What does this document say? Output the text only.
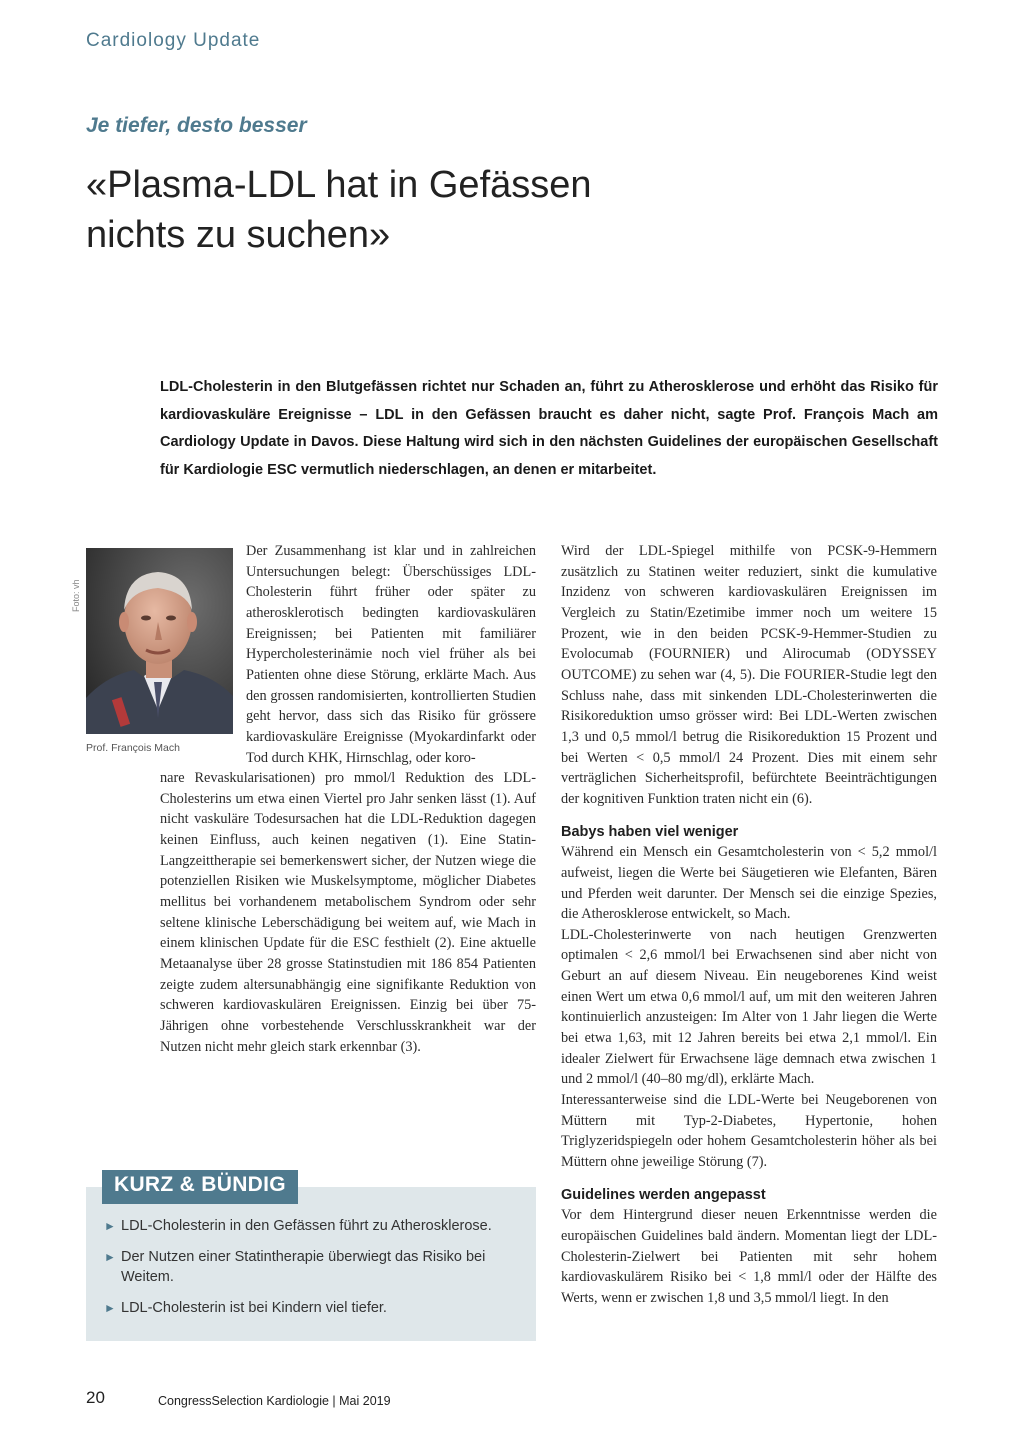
Cardiology Update
Je tiefer, desto besser
«Plasma-LDL hat in Gefässen
nichts zu suchen»

LDL-Cholesterin in den Blutgefässen richtet nur Schaden an, führt zu Atherosklerose und erhöht das Risiko für kardiovaskuläre Ereignisse – LDL in den Gefässen braucht es daher nicht, sagte Prof. François Mach am Cardiology Update in Davos. Diese Haltung wird sich in den nächsten Guidelines der europäischen Gesellschaft für Kardiologie ESC vermutlich niederschlagen, an denen er mitarbeitet.

Foto: vh
Prof. François Mach

Der Zusammenhang ist klar und in zahlreichen Untersuchungen belegt: Überschüssiges LDL-Cholesterin führt früher oder später zu atherosklerotisch bedingten kardiovaskulären Ereignissen; bei Patienten mit familiärer Hypercholesterinämie noch viel früher als bei Patienten ohne diese Störung, erklärte Mach. Aus den grossen randomisierten, kontrollierten Studien geht hervor, dass sich das Risiko für grössere kardiovaskuläre Ereignisse (Myokardinfarkt oder Tod durch KHK, Hirnschlag, oder koro-

nare Revaskularisationen) pro mmol/l Reduktion des LDL-Cholesterins um etwa einen Viertel pro Jahr senken lässt (1). Auf nicht vaskuläre Todesursachen hat die LDL-Reduktion dagegen keinen Einfluss, auch keinen negativen (1). Eine Statin-Langzeittherapie sei bemerkenswert sicher, der Nutzen wiege die potenziellen Risiken wie Muskelsymptome, möglicher Diabetes mellitus bei vorhandenem metabolischem Syndrom oder sehr seltene klinische Leberschädigung bei weitem auf, wie Mach in einem klinischen Update für die ESC festhielt (2). Eine aktuelle Metaanalyse über 28 grosse Statinstudien mit 186 854 Patienten zeigte zudem altersunabhängig eine signifikante Reduktion von schweren kardiovaskulären Ereignissen. Einzig bei über 75-Jährigen ohne vorbestehende Verschlusskrankheit war der Nutzen nicht mehr gleich stark erkennbar (3).

Wird der LDL-Spiegel mithilfe von PCSK-9-Hemmern zusätzlich zu Statinen weiter reduziert, sinkt die kumulative Inzidenz von schweren kardiovaskulären Ereignissen im Vergleich zu Statin/Ezetimibe immer noch um weitere 15 Prozent, wie in den beiden PCSK-9-Hemmer-Studien zu Evolocumab (FOURNIER) und Alirocumab (ODYSSEY OUTCOME) zu sehen war (4, 5). Die FOURIER-Studie legt den Schluss nahe, dass mit sinkenden LDL-Cholesterinwerten die Risikoreduktion umso grösser wird: Bei LDL-Werten zwischen 1,3 und 0,5 mmol/l betrug die Risikoreduktion 15 Prozent und bei Werten < 0,5 mmol/l 24 Prozent. Dies mit einem sehr verträglichen Sicherheitsprofil, befürchtete Beeinträchtigungen der kognitiven Funktion traten nicht ein (6).

Babys haben viel weniger

Während ein Mensch ein Gesamtcholesterin von < 5,2 mmol/l aufweist, liegen die Werte bei Säugetieren wie Elefanten, Bären und Pferden weit darunter. Der Mensch sei die einzige Spezies, die Atherosklerose entwickelt, so Mach.

LDL-Cholesterinwerte von nach heutigen Grenzwerten optimalen < 2,6 mmol/l bei Erwachsenen sind aber nicht von Geburt an auf diesem Niveau. Ein neugeborenes Kind weist einen Wert um etwa 0,6 mmol/l auf, um mit den weiteren Jahren kontinuierlich anzusteigen: Im Alter von 1 Jahr liegen die Werte bei etwa 1,63, mit 12 Jahren bereits bei etwa 2,1 mmol/l. Ein idealer Zielwert für Erwachsene läge demnach etwa zwischen 1 und 2 mmol/l (40–80 mg/dl), erklärte Mach.

Interessanterweise sind die LDL-Werte bei Neugeborenen von Müttern mit Typ-2-Diabetes, Hypertonie, hohen Triglyzeridspiegeln oder hohem Gesamtcholesterin höher als bei Müttern ohne jeweilige Störung (7).

Guidelines werden angepasst

Vor dem Hintergrund dieser neuen Erkenntnisse werden die europäischen Guidelines bald ändern. Momentan liegt der LDL-Cholesterin-Zielwert bei Patienten mit sehr hohem kardiovaskulärem Risiko bei < 1,8 mml/l oder der Hälfte des Werts, wenn er zwischen 1,8 und 3,5 mmol/l liegt. In den

KURZ & BÜNDIG
► LDL-Cholesterin in den Gefässen führt zu Atherosklerose.
► Der Nutzen einer Statintherapie überwiegt das Risiko bei Weitem.
► LDL-Cholesterin ist bei Kindern viel tiefer.
20	CongressSelection Kardiologie | Mai 2019
